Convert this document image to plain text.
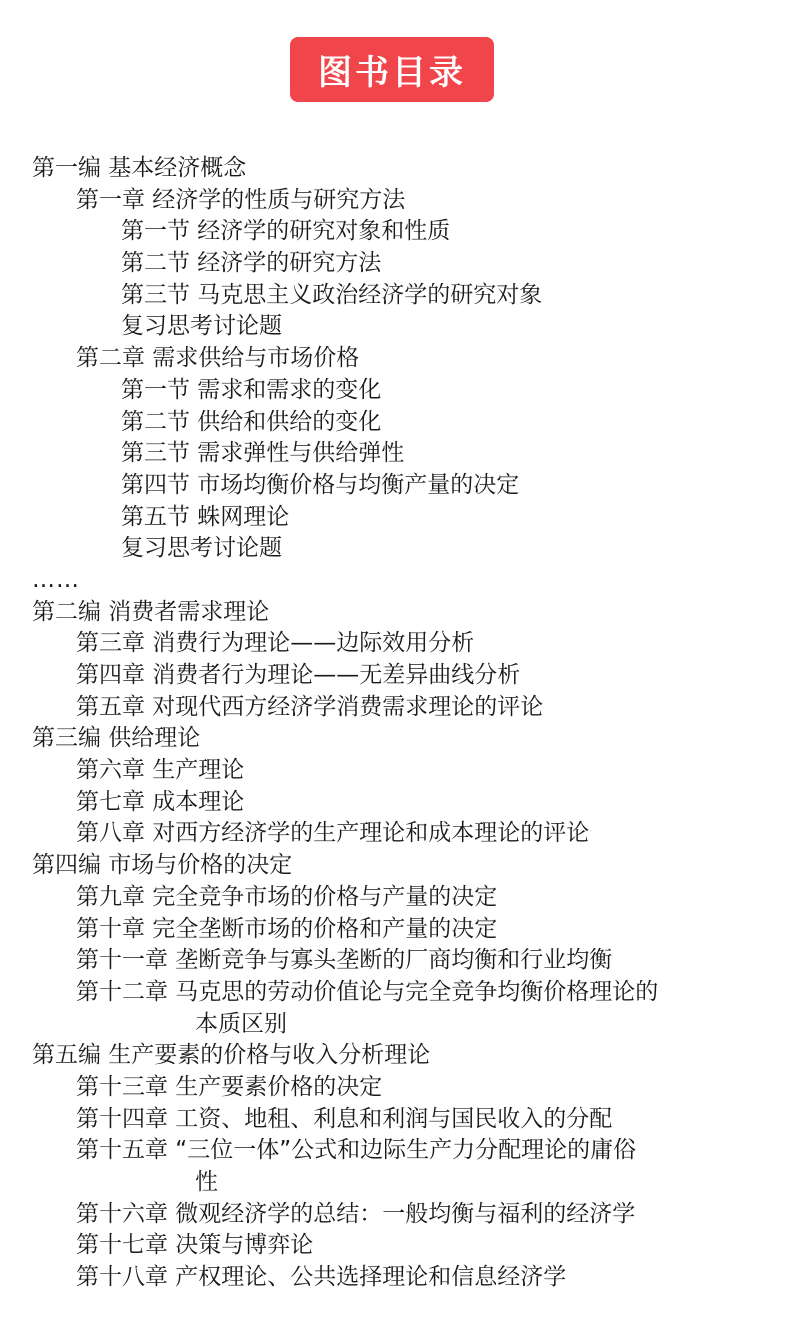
图书目录
第一编 基本经济概念
第一章 经济学的性质与研究方法
第一节 经济学的研究对象和性质
第二节 经济学的研究方法
第三节 马克思主义政治经济学的研究对象
复习思考讨论题
第二章 需求供给与市场价格
第一节 需求和需求的变化
第二节 供给和供给的变化
第三节 需求弹性与供给弹性
第四节 市场均衡价格与均衡产量的决定
第五节 蛛网理论
复习思考讨论题
……
第二编 消费者需求理论
第三章 消费行为理论——边际效用分析
第四章 消费者行为理论——无差异曲线分析
第五章 对现代西方经济学消费需求理论的评论
第三编 供给理论
第六章 生产理论
第七章 成本理论
第八章 对西方经济学的生产理论和成本理论的评论
第四编 市场与价格的决定
第九章 完全竞争市场的价格与产量的决定
第十章 完全垄断市场的价格和产量的决定
第十一章 垄断竞争与寡头垄断的厂商均衡和行业均衡
第十二章 马克思的劳动价值论与完全竞争均衡价格理论的
本质区别
第五编 生产要素的价格与收入分析理论
第十三章 生产要素价格的决定
第十四章 工资、地租、利息和利润与国民收入的分配
第十五章 “三位一体”公式和边际生产力分配理论的庸俗
性
第十六章 微观经济学的总结：一般均衡与福利的经济学
第十七章 决策与博弈论
第十八章 产权理论、公共选择理论和信息经济学
